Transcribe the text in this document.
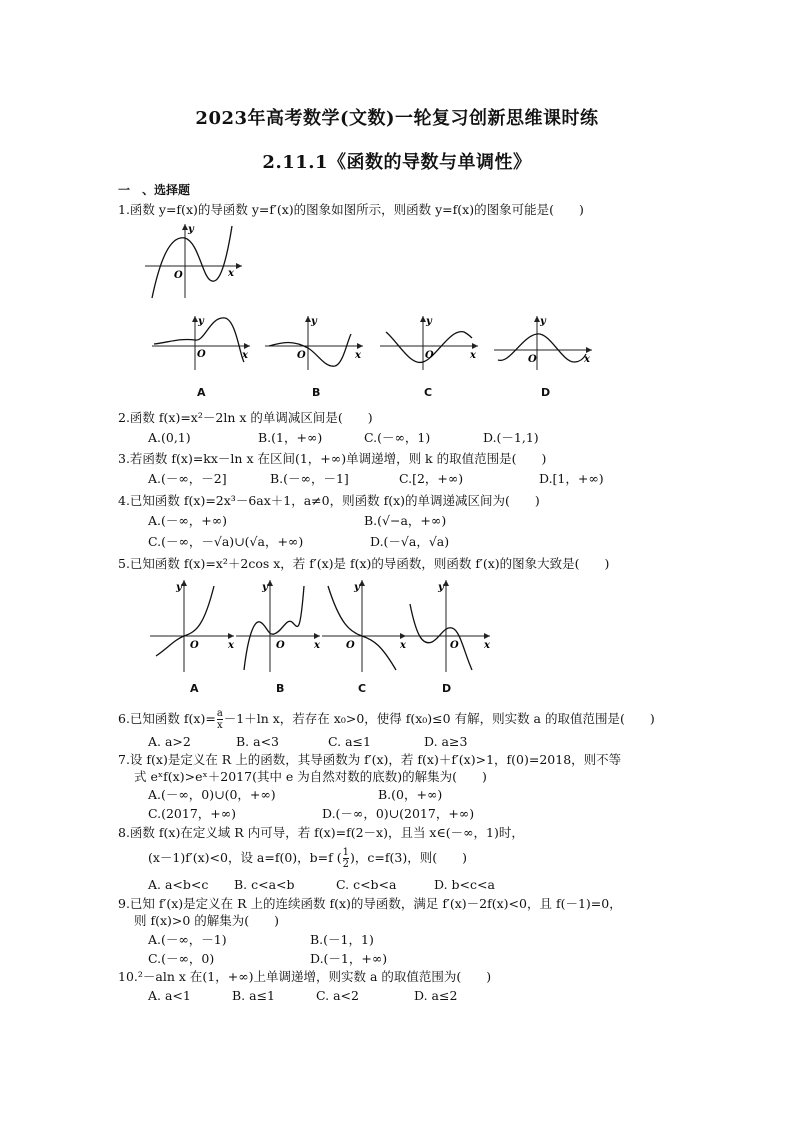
2023年高考数学(文数)一轮复习创新思维课时练
2.11.1《函数的导数与单调性》
一　、选择题
1.函数 y=f(x)的导函数 y=f′(x)的图象如图所示，则函数 y=f(x)的图象可能是(　　)
y
O	x
y
O	x
y
O	x
y
O	x
y
O	x
A	B	C	D
2.函数 f(x)=x²－2ln x 的单调减区间是(　　)
A.(0,1)	B.(1，+∞)	C.(－∞，1)	D.(－1,1)
3.若函数 f(x)=kx－ln x 在区间(1，+∞)单调递增，则 k 的取值范围是(　　)
A.(－∞，－2]	B.(－∞，－1]	C.[2，+∞)	D.[1，+∞)
4.已知函数 f(x)=2x³－6ax＋1，a≠0，则函数 f(x)的单调递减区间为(　　)
A.(－∞，+∞)	B.(√−a，+∞)
C.(－∞，－√a)∪(√a，+∞)	D.(－√a，√a)
5.已知函数 f(x)=x²＋2cos x，若 f′(x)是 f(x)的导函数，则函数 f′(x)的图象大致是(　　)
y
O	x
y
O	x
y
O	x
y
O	x
A	B	C	D
6.已知函数 $f(x)= \frac{a}{x} -1+\ln$ x，若存在 x₀>0，使得 f(x₀)≤0 有解，则实数 a 的取值范围是(　　)
A. a>2	B. a<3	C. a≤1	D. a≥3
7.设 f(x)是定义在 R 上的函数，其导函数为 f′(x)，若 f(x)＋f′(x)>1，f(0)=2018，则不等
式 eˣf(x)>eˣ＋2017(其中 e 为自然对数的底数)的解集为(　　)
A.(－∞，0)∪(0，+∞)	B.(0，+∞)
C.(2017，+∞)	D.(－∞，0)∪(2017，+∞)
8.函数 f(x)在定义域 R 内可导，若 f(x)=f(2－x)，且当 x∈(－∞，1)时，
(x－1)f′(x)<0，设 a=f(0)，b=f ( $\frac{1}{2}$ )，c=f(3)，则(　　)
A. a<b<c B. c<a<b	C. c<b<a	D. b<c<a
9.已知 f′(x)是定义在 R 上的连续函数 f(x)的导函数，满足 f′(x)－2f(x)<0，且 f(－1)=0，
则 f(x)>0 的解集为(　　)
A.(－∞，－1)	B.(－1，1)
C.(－∞，0)	D.(－1，+∞)
10.²－aln x 在(1，+∞)上单调递增，则实数 a 的取值范围为(　　)
A. a<1	B. a≤1	C. a<2	D. a≤2
